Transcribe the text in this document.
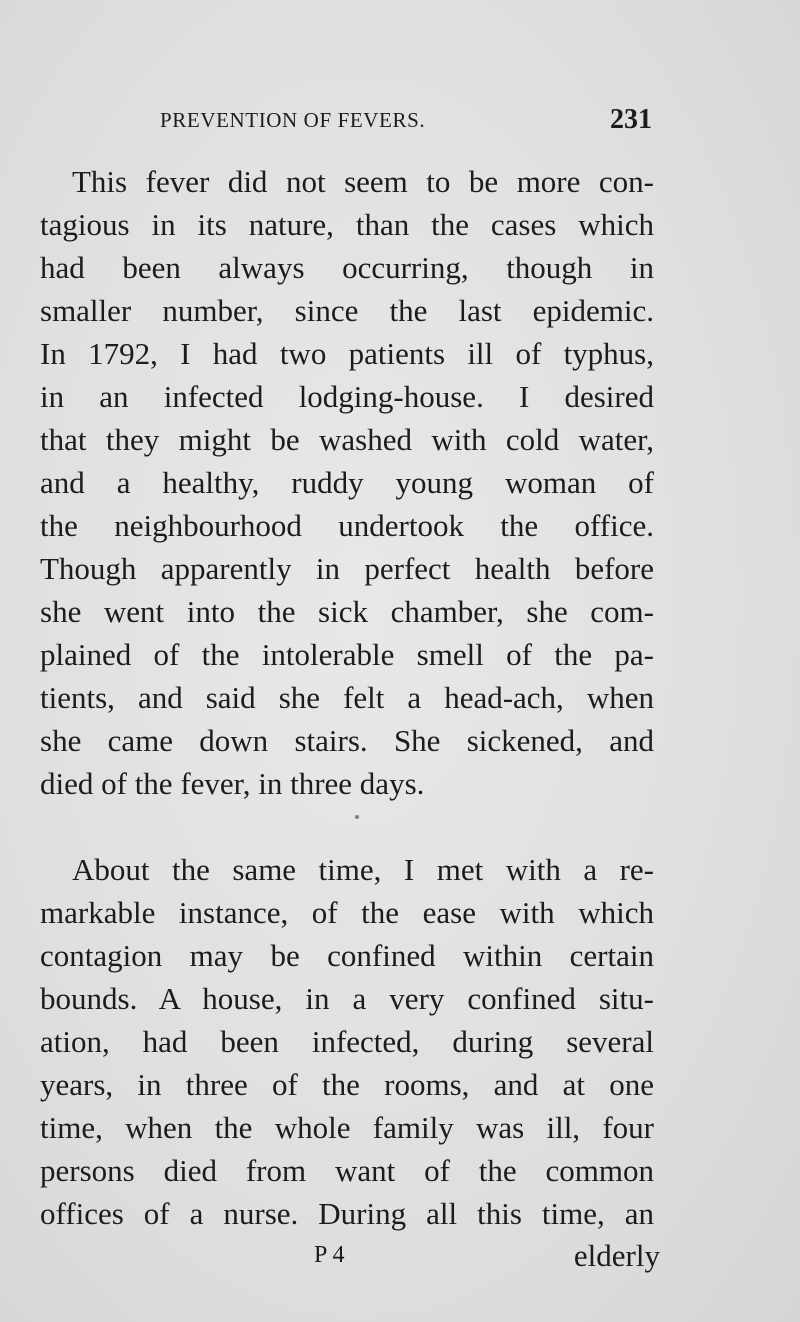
PREVENTION OF FEVERS.	231
This fever did not seem to be more con-
tagious in its nature, than the cases which
had been always occurring, though in
smaller number, since the last epidemic.
In 1792, I had two patients ill of typhus,
in an infected lodging-house. I desired
that they might be washed with cold water,
and a healthy, ruddy young woman of
the neighbourhood undertook the office.
Though apparently in perfect health before
she went into the sick chamber, she com-
plained of the intolerable smell of the pa-
tients, and said she felt a head-ach, when
she came down stairs. She sickened, and
died of the fever, in three days.
About the same time, I met with a re-
markable instance, of the ease with which
contagion may be confined within certain
bounds. A house, in a very confined situ-
ation, had been infected, during several
years, in three of the rooms, and at one
time, when the whole family was ill, four
persons died from want of the common
offices of a nurse. During all this time, an
P 4	elderly
